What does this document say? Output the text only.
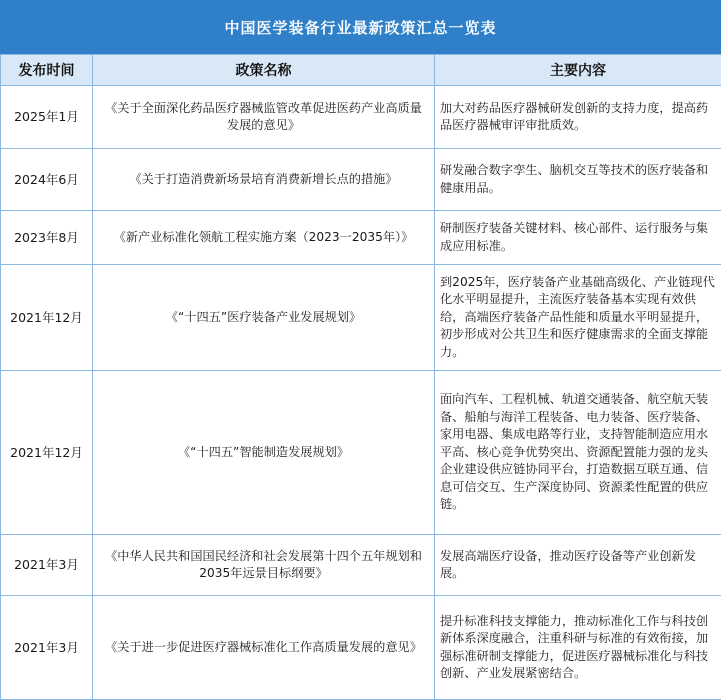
中国医学装备行业最新政策汇总一览表
发布时间	政策名称	主要内容
2025年1月	《关于全面深化药品医疗器械监管改革促进医药产业高质量发展的意见》	加大对药品医疗器械研发创新的支持力度，提高药品医疗器械审评审批质效。
2024年6月	《关于打造消费新场景培育消费新增长点的措施》	研发融合数字孪生、脑机交互等技术的医疗装备和健康用品。
2023年8月	《新产业标准化领航工程实施方案（2023一2035年）》	研制医疗装备关键材料、核心部件、运行服务与集成应用标准。
2021年12月	《“十四五”医疗装备产业发展规划》	到2025年，医疗装备产业基础高级化、产业链现代化水平明显提升，主流医疗装备基本实现有效供给，高端医疗装备产品性能和质量水平明显提升，初步形成对公共卫生和医疗健康需求的全面支撑能力。
2021年12月	《“十四五”智能制造发展规划》	面向汽车、工程机械、轨道交通装备、航空航天装备、船舶与海洋工程装备、电力装备、医疗装备、家用电器、集成电路等行业，支持智能制造应用水平高、核心竞争优势突出、资源配置能力强的龙头企业建设供应链协同平台，打造数据互联互通、信息可信交互、生产深度协同、资源柔性配置的供应链。
2021年3月	《中华人民共和国国民经济和社会发展第十四个五年规划和2035年远景目标纲要》	发展高端医疗设备，推动医疗设备等产业创新发展。
2021年3月	《关于进一步促进医疗器械标准化工作高质量发展的意见》	提升标准科技支撑能力，推动标准化工作与科技创新体系深度融合，注重科研与标准的有效衔接，加强标准研制支撑能力，促进医疗器械标准化与科技创新、产业发展紧密结合。
